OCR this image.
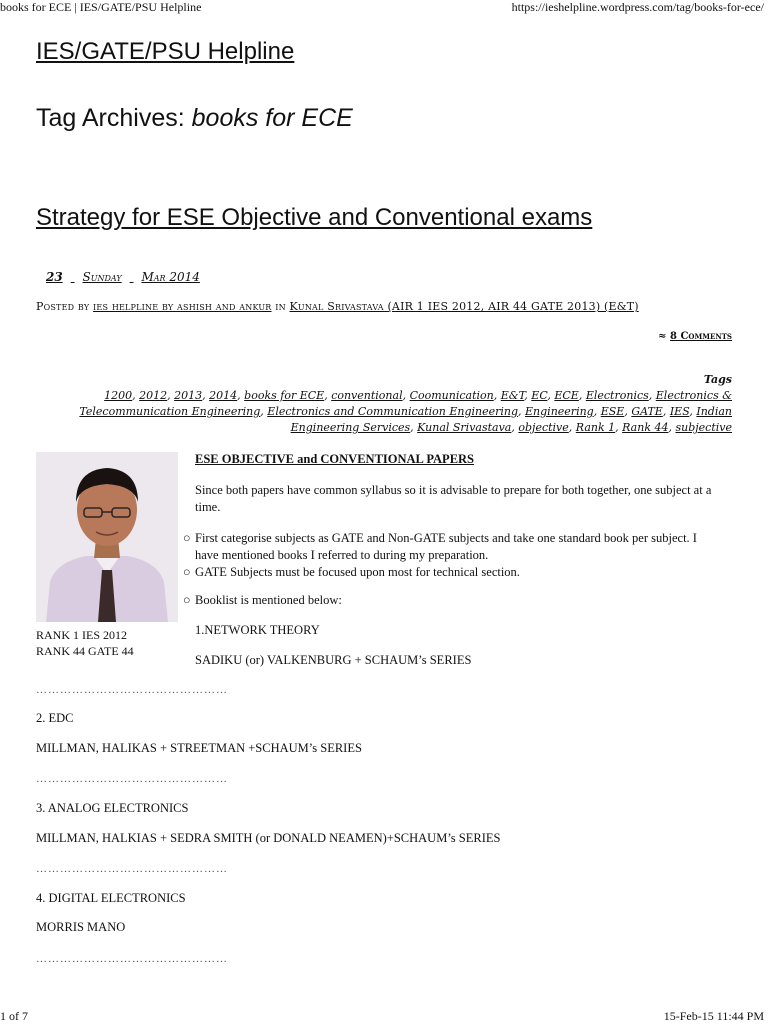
books for ECE | IES/GATE/PSU Helpline	https://ieshelpline.wordpress.com/tag/books-for-ece/
1 of 7	15-Feb-15 11:44 PM
IES/GATE/PSU Helpline
Tag Archives: books for ECE
Strategy for ESE Objective and Conventional exams
23 Sunday Mar 2014
Posted by ies helpline by ashish and ankur in Kunal Srivastava (AIR 1 IES 2012, AIR 44 GATE 2013) (E&T)
≈ 8 Comments
Tags
1200, 2012, 2013, 2014, books for ECE, conventional, Coomunication, E&T, EC, ECE, Electronics, Electronics & Telecommunication Engineering, Electronics and Communication Engineering, Engineering, ESE, GATE, IES, Indian Engineering Services, Kunal Srivastava, objective, Rank 1, Rank 44, subjective
RANK 1 IES 2012
RANK 44 GATE 44
ESE OBJECTIVE and CONVENTIONAL PAPERS
Since both papers have common syllabus so it is advisable to prepare for both together, one subject at a time.
○ First categorise subjects as GATE and Non-GATE subjects and take one standard book per subject. I have mentioned books I referred to during my preparation.
○ GATE Subjects must be focused upon most for technical section.
○ Booklist is mentioned below:
1.NETWORK THEORY
SADIKU (or) VALKENBURG + SCHAUM’s SERIES
…………………………………………
2. EDC
MILLMAN, HALIKAS + STREETMAN +SCHAUM’s SERIES
…………………………………………
3. ANALOG ELECTRONICS
MILLMAN, HALKIAS + SEDRA SMITH (or DONALD NEAMEN)+SCHAUM’s SERIES
…………………………………………
4. DIGITAL ELECTRONICS
MORRIS MANO
…………………………………………
